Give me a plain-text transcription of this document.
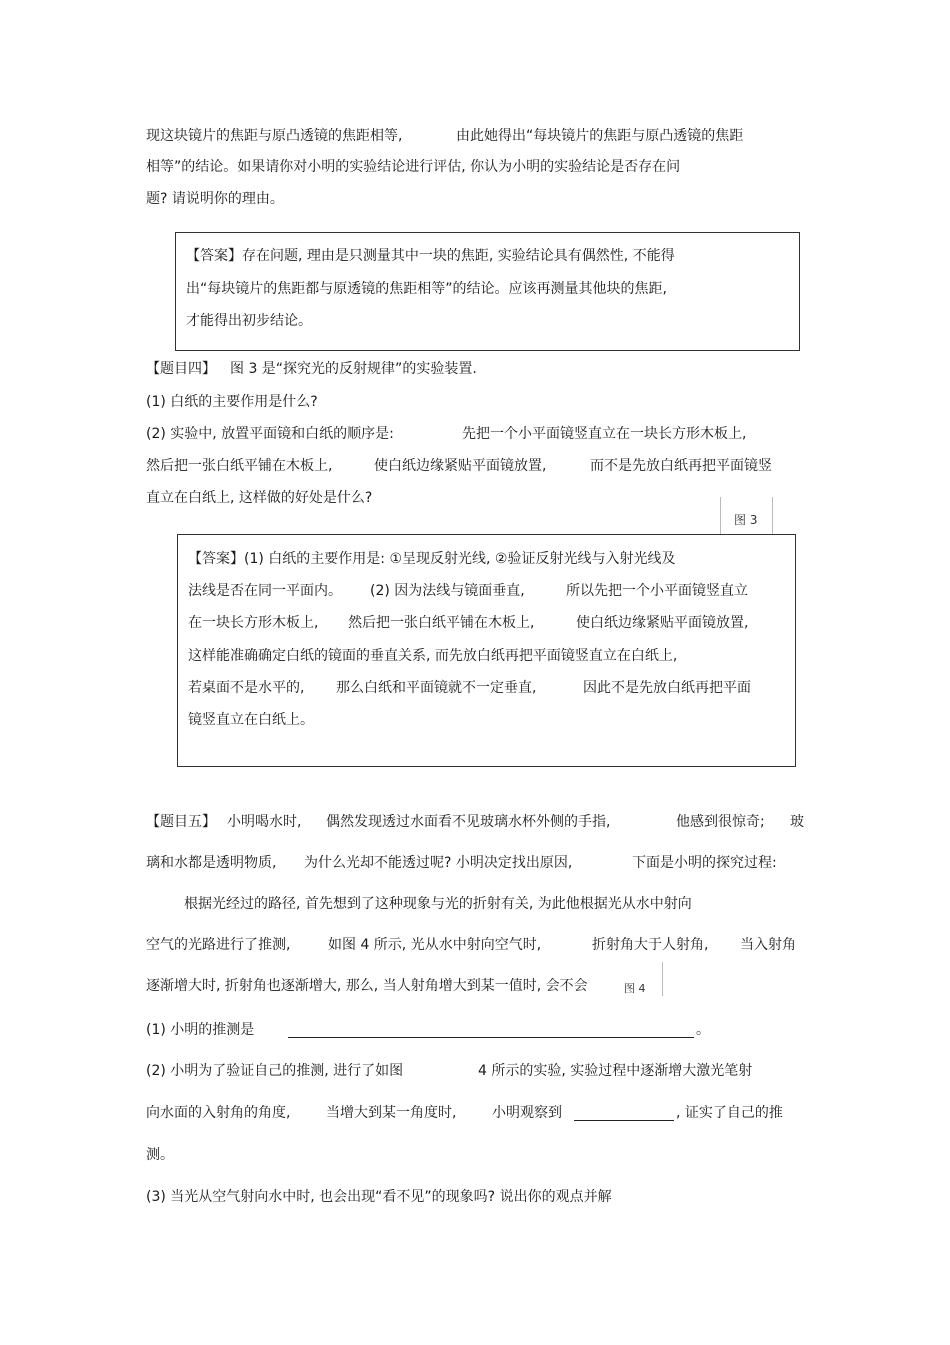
现这块镜片的焦距与原凸透镜的焦距相等,	由此她得出“每块镜片的焦距与原凸透镜的焦距
相等”的结论。如果请你对小明的实验结论进行评估, 你认为小明的实验结论是否存在问
题? 请说明你的理由。
【答案】存在问题, 理由是只测量其中一块的焦距, 实验结论具有偶然性, 不能得
出“每块镜片的焦距都与原透镜的焦距相等”的结论。应该再测量其他块的焦距,
才能得出初步结论。
【题目四】 图 3 是“探究光的反射规律”的实验装置.
(1) 白纸的主要作用是什么?
(2) 实验中, 放置平面镜和白纸的顺序是:	先把一个小平面镜竖直立在一块长方形木板上,
然后把一张白纸平铺在木板上,	使白纸边缘紧贴平面镜放置,	而不是先放白纸再把平面镜竖
直立在白纸上, 这样做的好处是什么?
图 3
【答案】(1) 白纸的主要作用是: ①呈现反射光线, ②验证反射光线与入射光线及
法线是否在同一平面内。 (2) 因为法线与镜面垂直,	所以先把一个小平面镜竖直立
在一块长方形木板上, 然后把一张白纸平铺在木板上,	使白纸边缘紧贴平面镜放置,
这样能准确确定白纸的镜面的垂直关系, 而先放白纸再把平面镜竖直立在白纸上,
若桌面不是水平的, 那么白纸和平面镜就不一定垂直,	因此不是先放白纸再把平面
镜竖直立在白纸上。
【题目五】 小明喝水时, 偶然发现透过水面看不见玻璃水杯外侧的手指,	他感到很惊奇; 玻
璃和水都是透明物质, 为什么光却不能透过呢? 小明决定找出原因,	下面是小明的探究过程:
根据光经过的路径, 首先想到了这种现象与光的折射有关, 为此他根据光从水中射向
空气的光路进行了推测,	如图 4 所示, 光从水中射向空气时,	折射角大于人射角, 当入射角
逐渐增大时, 折射角也逐渐增大, 那么, 当人射角增大到某一值时, 会不会	图 4
(1) 小明的推测是	。
(2) 小明为了验证自己的推测, 进行了如图	4 所示的实验, 实验过程中逐渐增大激光笔射
向水面的入射角的角度,	当增大到某一角度时,	小明观察到	, 证实了自己的推
测。
(3) 当光从空气射向水中时, 也会出现“看不见”的现象吗? 说出你的观点并解
